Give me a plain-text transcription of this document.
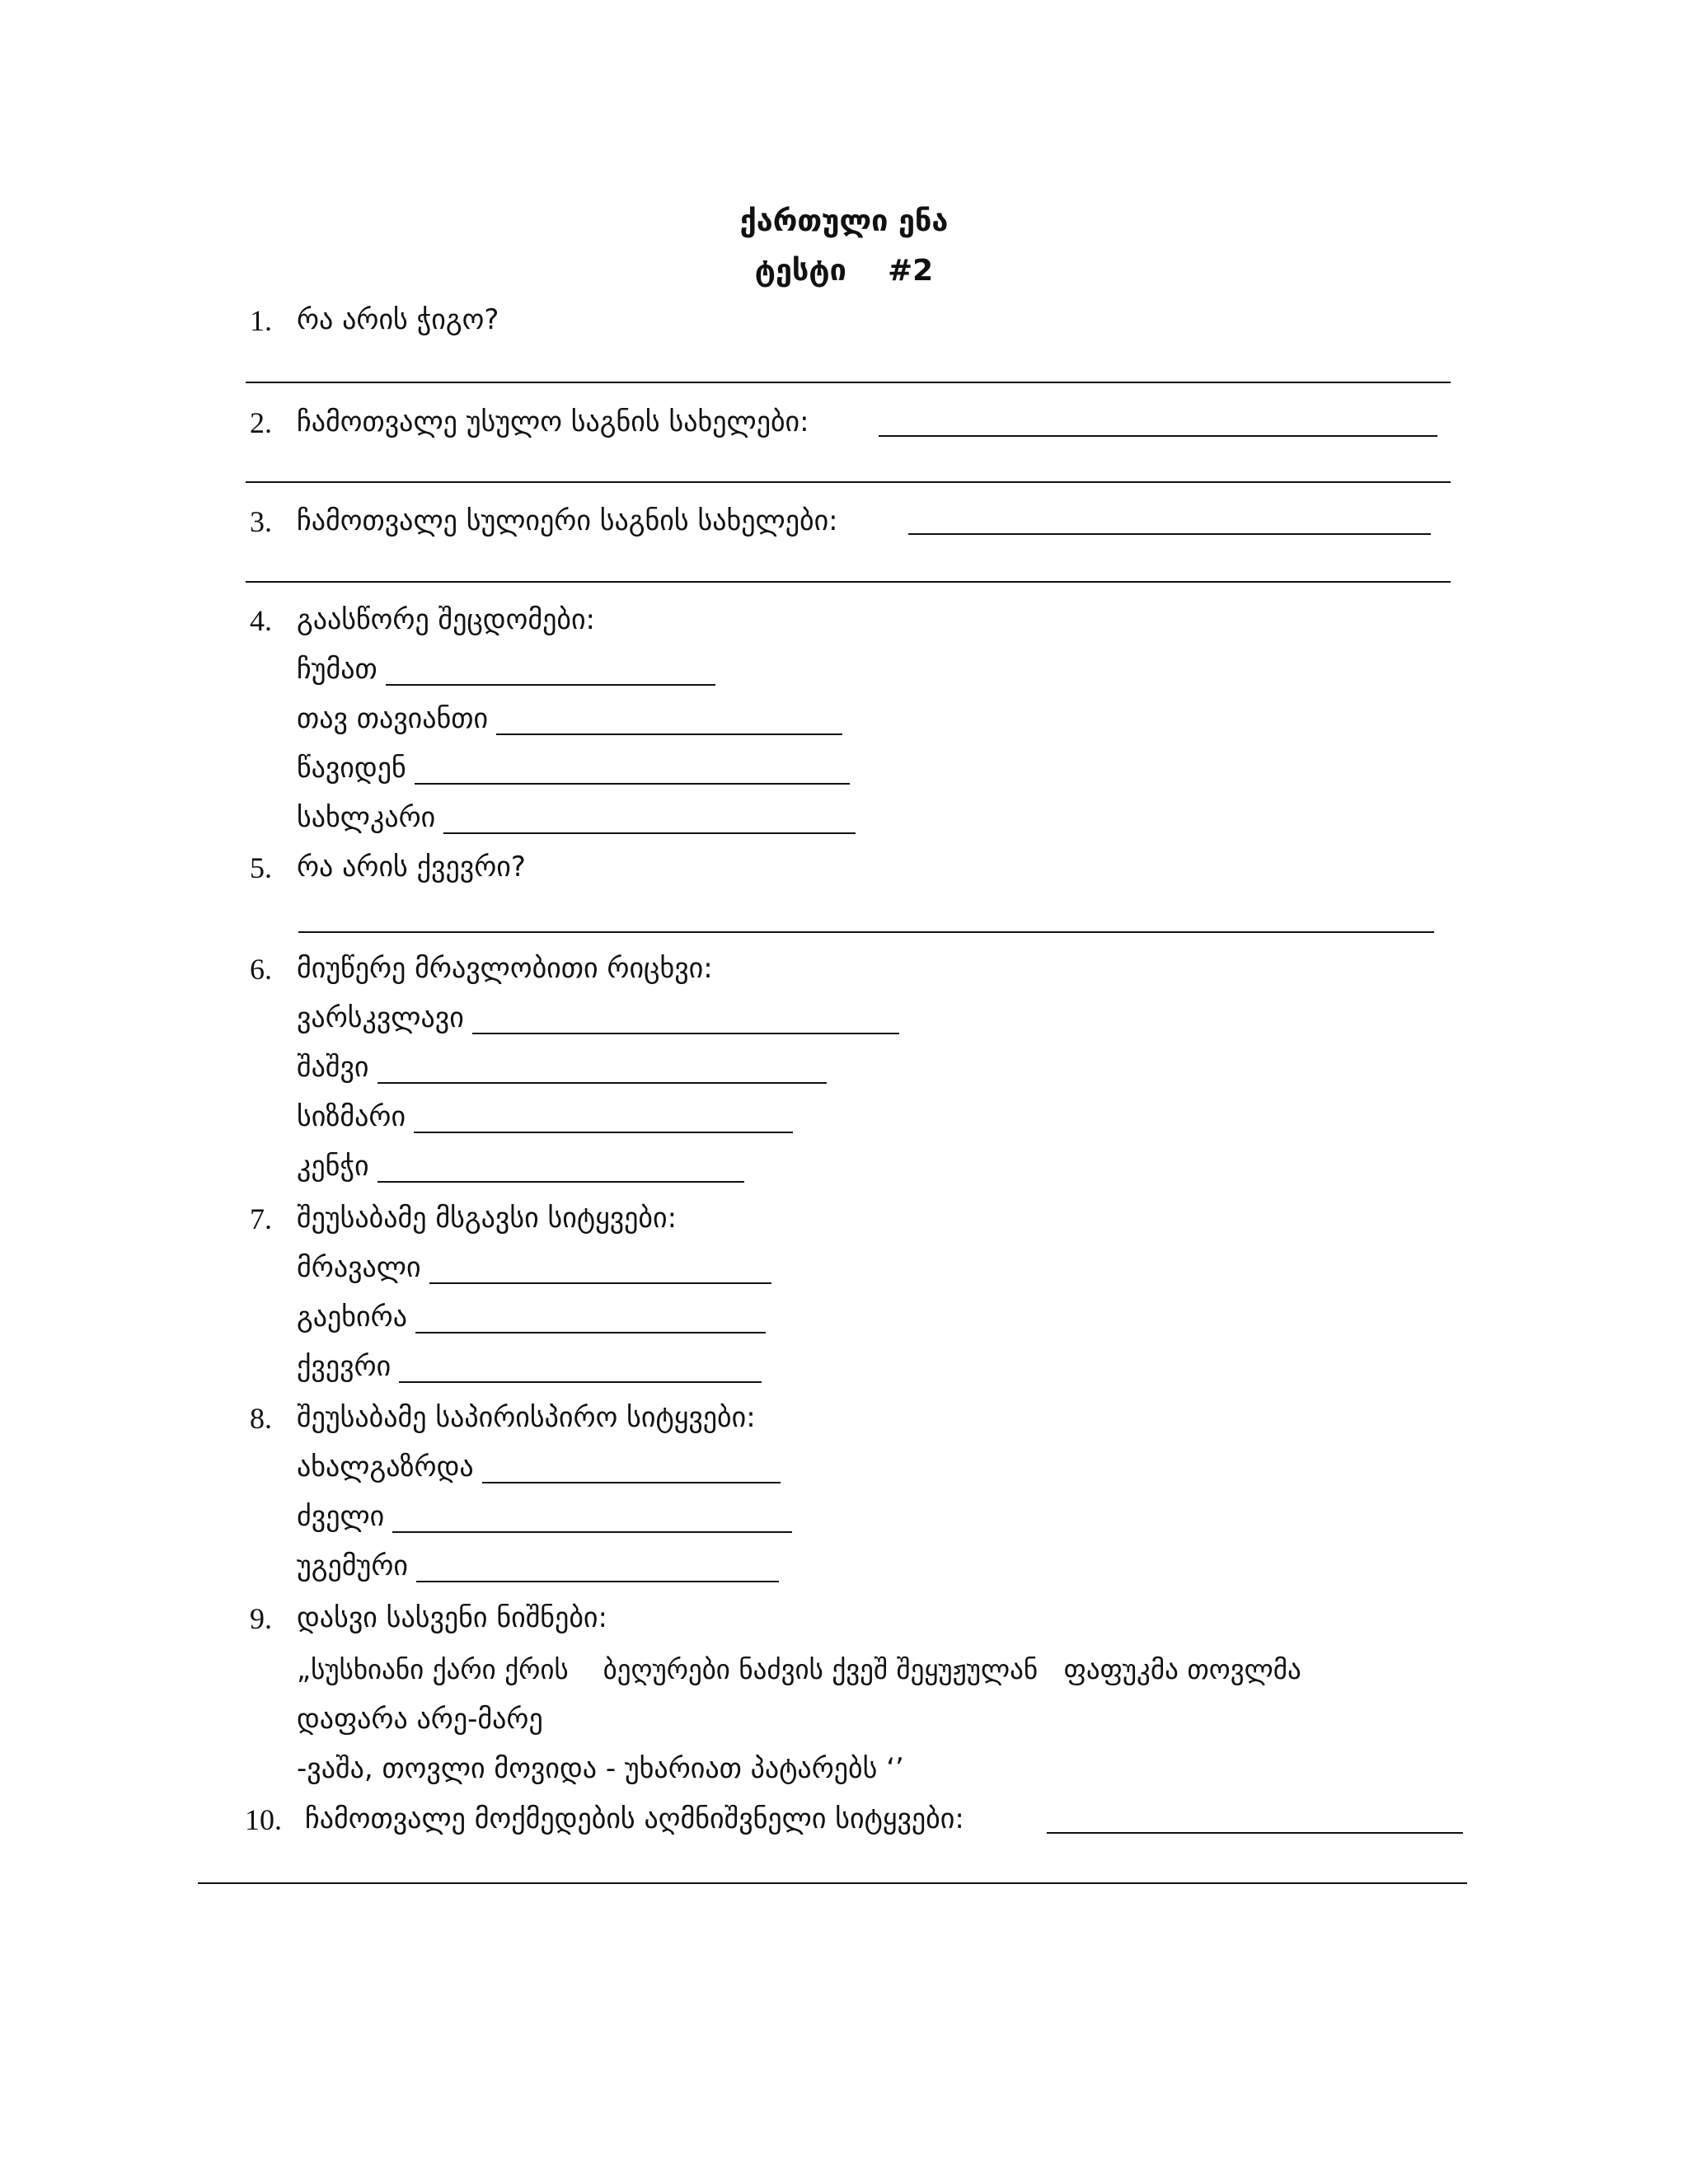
ქართული ენა
ტესტი    #2
1. რა არის ჭიგო?
2. ჩამოთვალე უსულო საგნის სახელები:
3. ჩამოთვალე სულიერი საგნის სახელები:
4. გაასწორე შეცდომები:
ჩუმათ
თავ თავიანთი
წავიდენ
სახლკარი
5. რა არის ქვევრი?
6. მიუწერე მრავლობითი რიცხვი:
ვარსკვლავი
შაშვი
სიზმარი
კენჭი
7. შეუსაბამე მსგავსი სიტყვები:
მრავალი
გაეხირა
ქვევრი
8. შეუსაბამე საპირისპირო სიტყვები:
ახალგაზრდა
ძველი
უგემური
9. დასვი სასვენი ნიშნები:
„სუსხიანი ქარი ქრის    ბეღურები ნაძვის ქვეშ შეყუჟულან   ფაფუკმა თოვლმა
დაფარა არე-მარე
-ვაშა, თოვლი მოვიდა - უხარიათ პატარებს ‘’
10. ჩამოთვალე მოქმედების აღმნიშვნელი სიტყვები:
